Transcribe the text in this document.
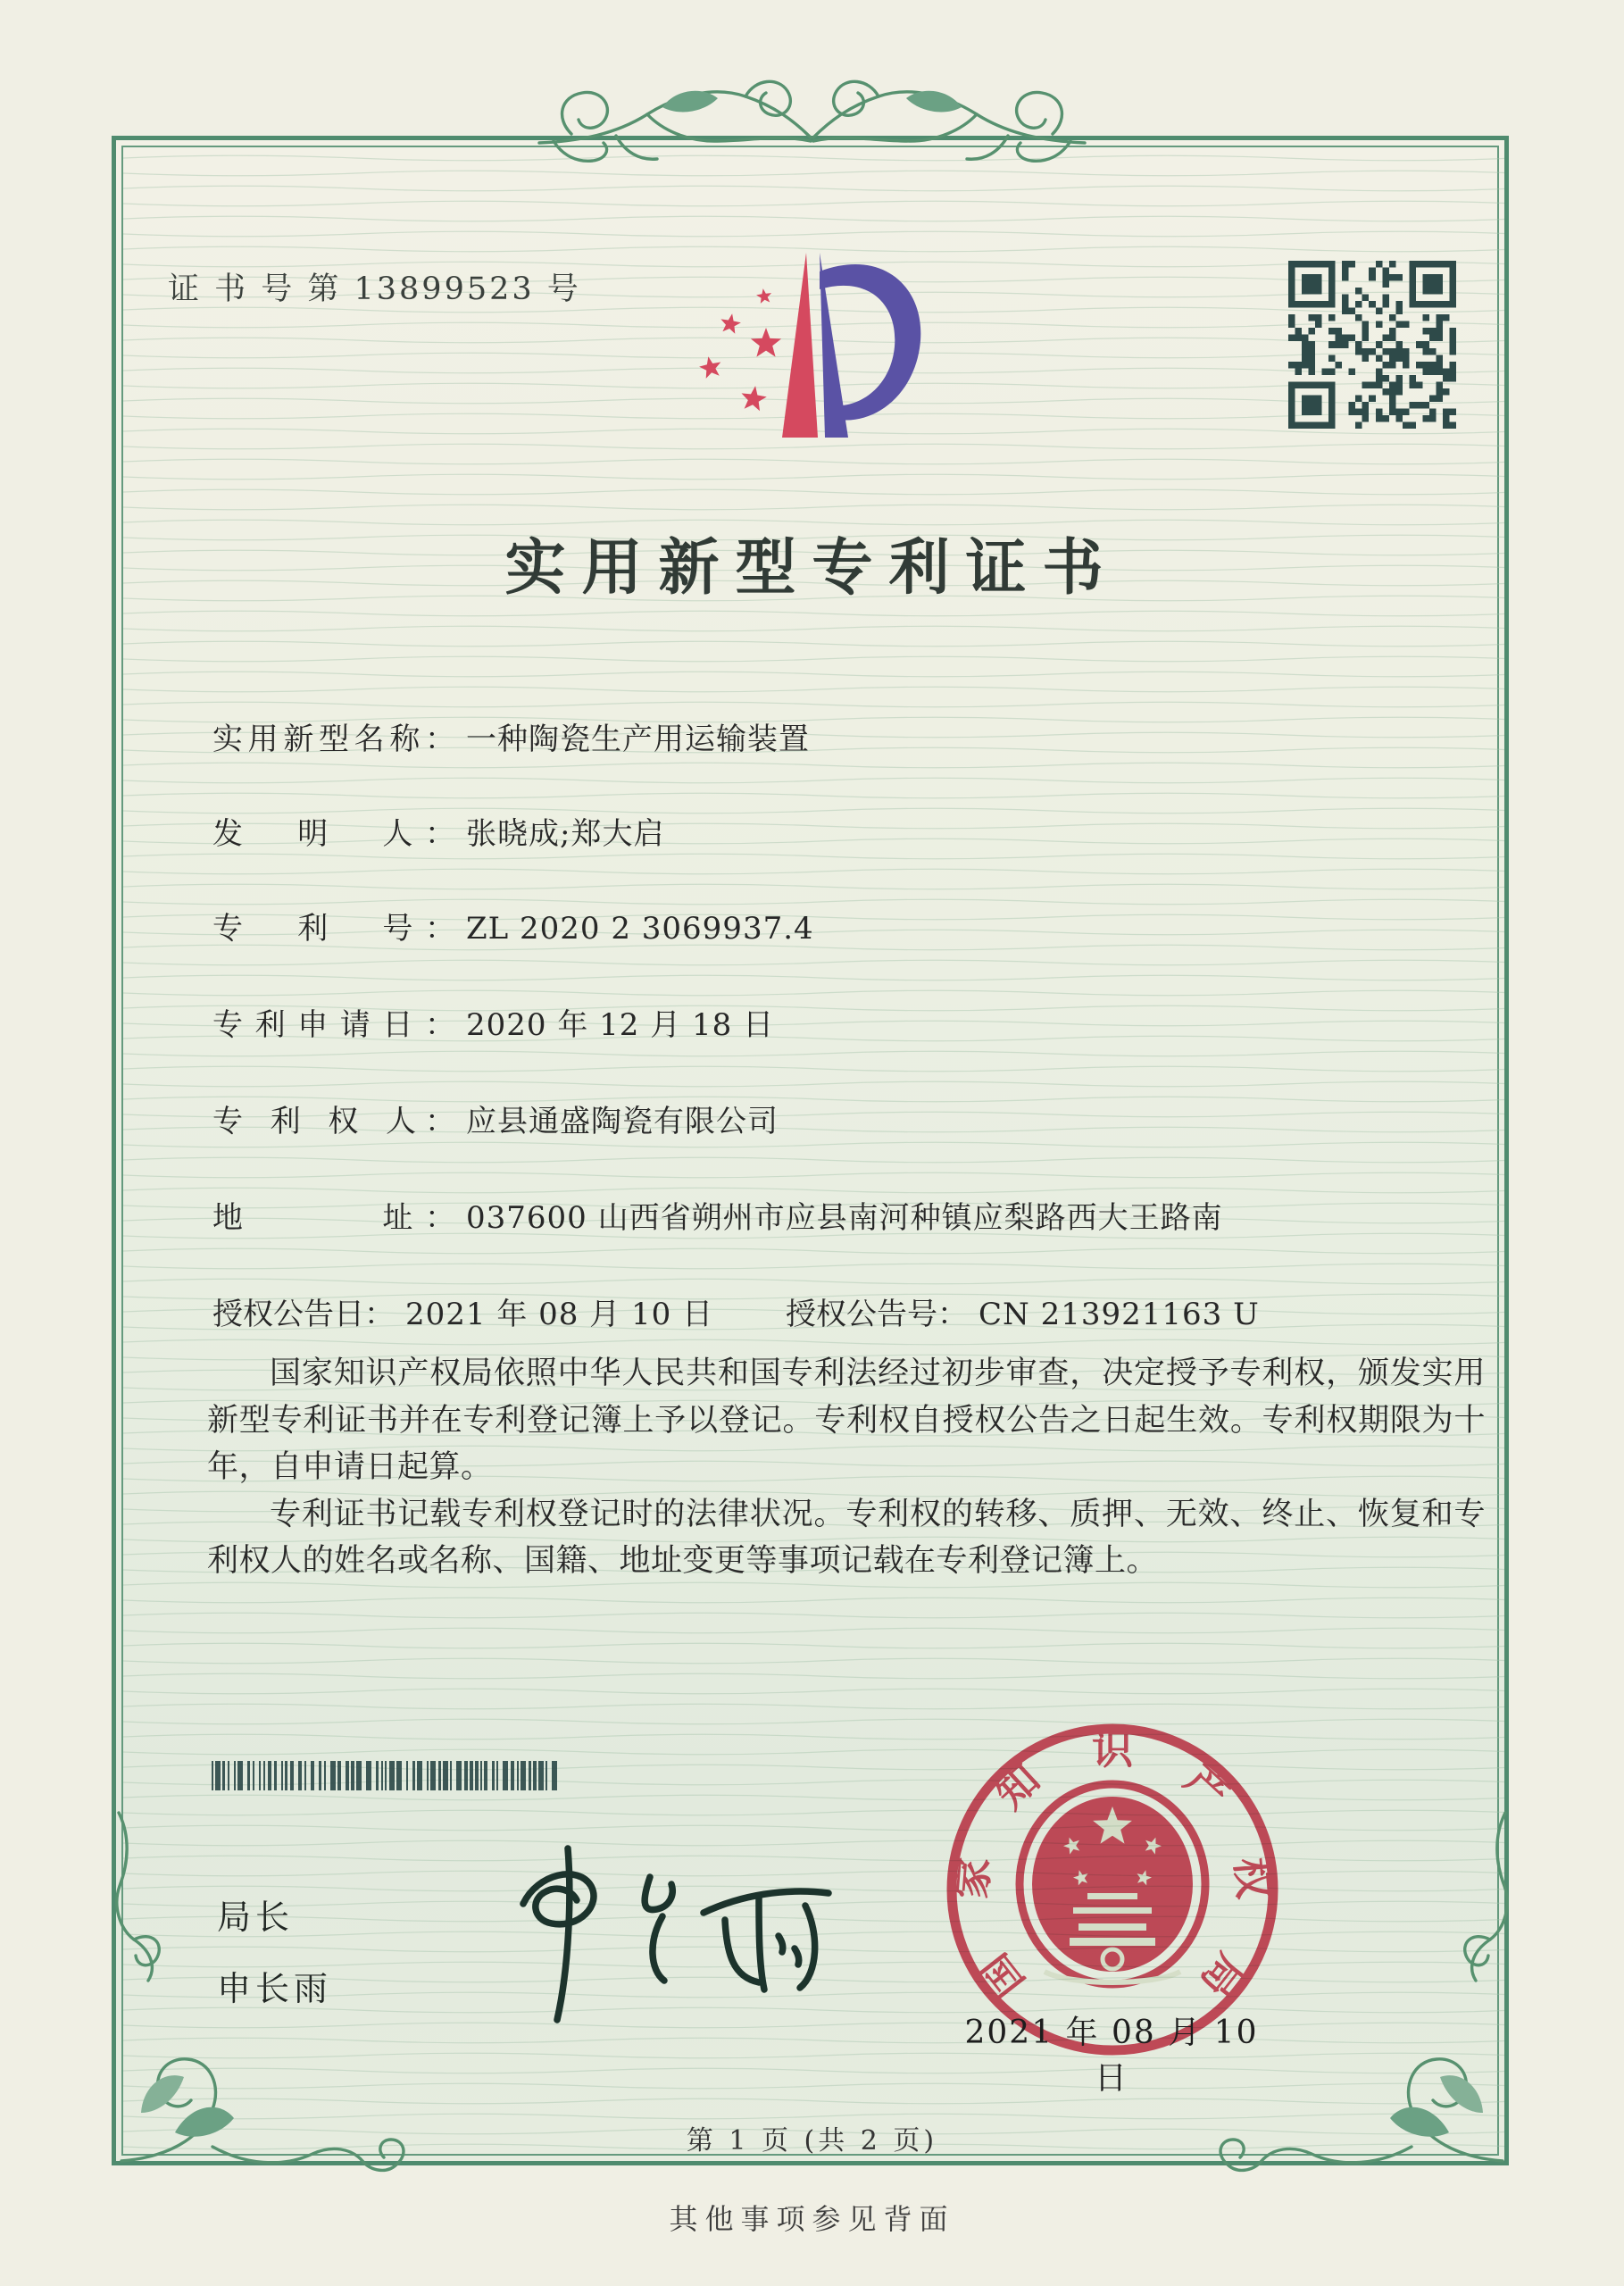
证 书 号 第 13899523 号
实用新型专利证书
实用新型名称： 一种陶瓷生产用运输装置
发　明　人： 张晓成;郑大启
专　利　号： ZL 2020 2 3069937.4
专利申请日： 2020 年 12 月 18 日
专 利 权 人： 应县通盛陶瓷有限公司
地　　　址： 037600 山西省朔州市应县南河种镇应梨路西大王路南
授权公告日： 2021 年 08 月 10 日 授权公告号： CN 213921163 U

国家知识产权局依照中华人民共和国专利法经过初步审查，决定授予专利权，颁发实用新型专利证书并在专利登记簿上予以登记。专利权自授权公告之日起生效。专利权期限为十年，自申请日起算。

专利证书记载专利权登记时的法律状况。专利权的转移、质押、无效、终止、恢复和专利权人的姓名或名称、国籍、地址变更等事项记载在专利登记簿上。

局长
申长雨	国
家
知
识
产
权
局
2021 年 08 月 10 日
第 1 页 (共 2 页)
其他事项参见背面
